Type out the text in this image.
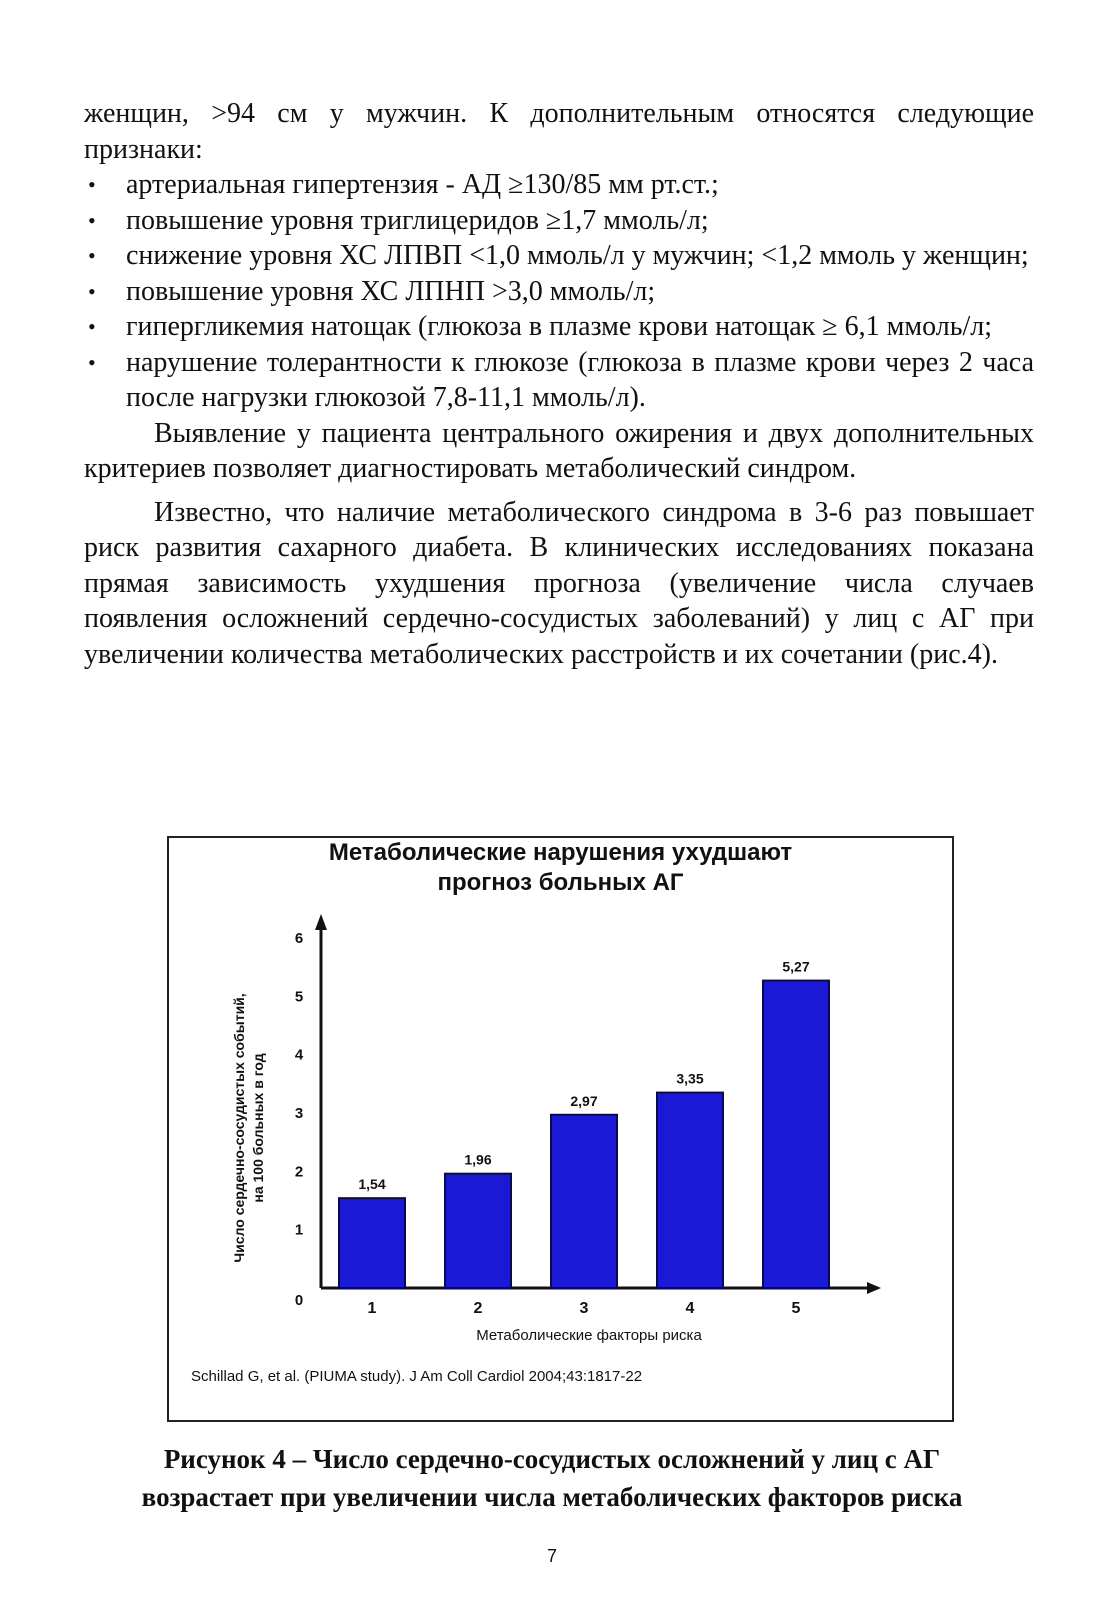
женщин, >94 см у мужчин. К дополнительным относятся следующие признаки:

• артериальная гипертензия - АД ≥130/85 мм рт.ст.;
• повышение уровня триглицеридов ≥1,7 ммоль/л;
• снижение уровня ХС ЛПВП <1,0 ммоль/л у мужчин; <1,2 ммоль у женщин;
• повышение уровня ХС ЛПНП >3,0 ммоль/л;
• гипергликемия натощак (глюкоза в плазме крови натощак ≥ 6,1 ммоль/л;
• нарушение толерантности к глюкозе (глюкоза в плазме крови через 2 часа после нагрузки глюкозой 7,8-11,1 ммоль/л).

Выявление у пациента центрального ожирения и двух дополнительных критериев позволяет диагностировать метаболический синдром.

Известно, что наличие метаболического синдрома в 3-6 раз повышает риск развития сахарного диабета. В клинических исследованиях показана прямая зависимость ухудшения прогноза (увеличение числа случаев появления осложнений сердечно-сосудистых заболеваний) у лиц с АГ при увеличении количества метаболических расстройств и их сочетании (рис.4).

Метаболические нарушения ухудшают
прогноз больных АГ
0
1
2
3
4
5
6
1,54
1
1,96
2
2,97
3
3,35
4
5,27
5
Число сердечно-сосудистых событий, на 100 больных в год
Метаболические факторы риска
Schillad G, et al. (PIUMA study). J Am Coll Cardiol 2004;43:1817-22
Рисунок 4 – Число сердечно-сосудистых осложнений у лиц с АГ
возрастает при увеличении числа метаболических факторов риска
7
